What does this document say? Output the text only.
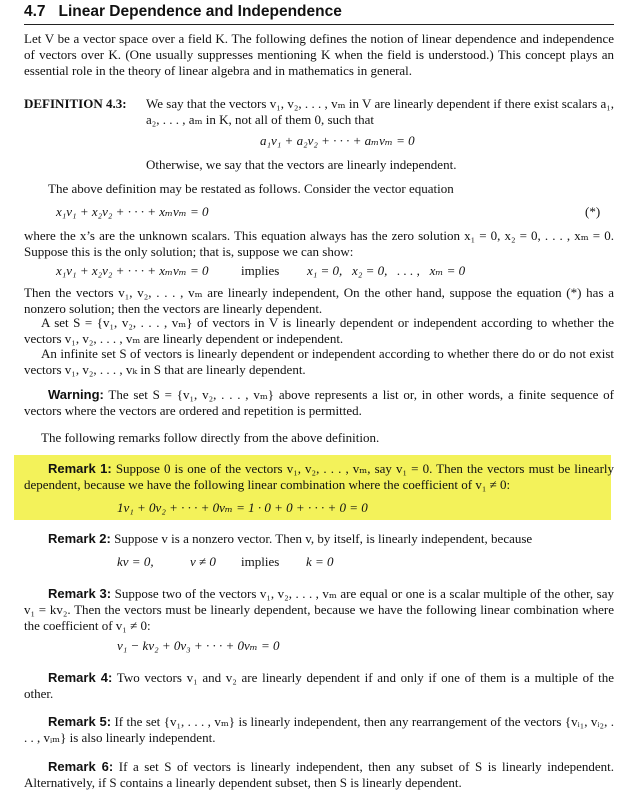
4.7 Linear Dependence and Independence

Let V be a vector space over a field K. The following defines the notion of linear dependence and independence of vectors over K. (One usually suppresses mentioning K when the field is understood.) This concept plays an essential role in the theory of linear algebra and in mathematics in general.

DEFINITION 4.3: We say that the vectors v₁, v₂, . . . , vₘ in V are linearly dependent if there exist scalars a₁, a₂, . . . , aₘ in K, not all of them 0, such that

a₁v₁ + a₂v₂ + · · · + aₘvₘ = 0

Otherwise, we say that the vectors are linearly independent.

The above definition may be restated as follows. Consider the vector equation

x₁v₁ + x₂v₂ + · · · + xₘvₘ = 0	(*)

where the x’s are the unknown scalars. This equation always has the zero solution x₁ = 0, x₂ = 0, . . . , xₘ = 0. Suppose this is the only solution; that is, suppose we can show:

x₁v₁ + x₂v₂ + · · · + xₘvₘ = 0	implies x₁ = 0,   x₂ = 0,   . . . ,   xₘ = 0

Then the vectors v₁, v₂, . . . , vₘ are linearly independent, On the other hand, suppose the equation (*) has a nonzero solution; then the vectors are linearly dependent.

A set S = {v₁, v₂, . . . , vₘ} of vectors in V is linearly dependent or independent according to whether the vectors v₁, v₂, . . . , vₘ are linearly dependent or independent.

An infinite set S of vectors is linearly dependent or independent according to whether there do or do not exist vectors v₁, v₂, . . . , vₖ in S that are linearly dependent.

Warning: The set S = {v₁, v₂, . . . , vₘ} above represents a list or, in other words, a finite sequence of vectors where the vectors are ordered and repetition is permitted.

The following remarks follow directly from the above definition.

Remark 1: Suppose 0 is one of the vectors v₁, v₂, . . . , vₘ, say v₁ = 0. Then the vectors must be linearly dependent, because we have the following linear combination where the coefficient of v₁ ≠ 0:

1v₁ + 0v₂ + · · · + 0vₘ = 1 · 0 + 0 + · · · + 0 = 0

Remark 2: Suppose v is a nonzero vector. Then v, by itself, is linearly independent, because

kv = 0,	v ≠ 0 implies k = 0

Remark 3: Suppose two of the vectors v₁, v₂, . . . , vₘ are equal or one is a scalar multiple of the other, say v₁ = kv₂. Then the vectors must be linearly dependent, because we have the following linear combination where the coefficient of v₁ ≠ 0:

v₁ − kv₂ + 0v₃ + · · · + 0vₘ = 0

Remark 4: Two vectors v₁ and v₂ are linearly dependent if and only if one of them is a multiple of the other.

Remark 5: If the set {v₁, . . . , vₘ} is linearly independent, then any rearrangement of the vectors {vᵢ₁, vᵢ₂, . . . , vᵢₘ} is also linearly independent.

Remark 6: If a set S of vectors is linearly independent, then any subset of S is linearly independent. Alternatively, if S contains a linearly dependent subset, then S is linearly dependent.
